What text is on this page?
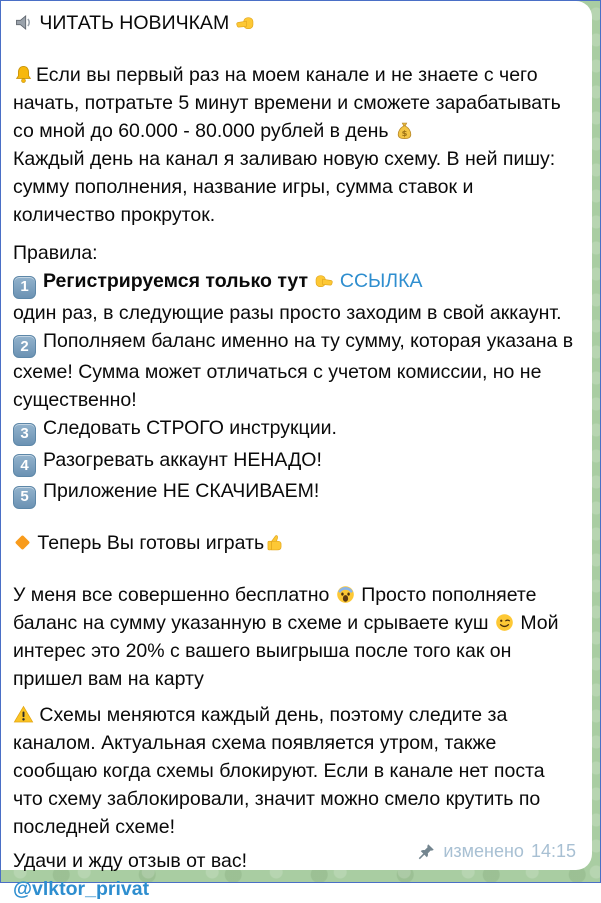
ЧИТАТЬ НОВИЧКАМ

Если вы первый раз на моем канале и не знаете с чего начать, потратьте 5 минут времени и сможете зарабатывать со мной до 60.000 - 80.000 рублей в день $

Каждый день на канал я заливаю новую схему. В ней пишу: сумму пополнения, название игры, сумма ставок и количество прокруток.

Правила:

1 Регистрируемся только тут ССЫЛКА

один раз, в следующие разы просто заходим в свой аккаунт.

2 Пополняем баланс именно на ту сумму, которая указана в схеме! Сумма может отличаться с учетом комиссии, но не существенно!

3 Следовать СТРОГО инструкции.

4 Разогревать аккаунт НЕНАДО!

5 Приложение НЕ СКАЧИВАЕМ!

Теперь Вы готовы играть

У меня все совершенно бесплатно Просто пополняете баланс на сумму указанную в схеме и срываете куш Мой интерес это 20% с вашего выигрыша после того как он пришел вам на карту

Схемы меняются каждый день, поэтому следите за каналом. Актуальная схема появляется утром, также сообщаю когда схемы блокируют. Если в канале нет поста что схему заблокировали, значит можно смело крутить по последней схеме!

Удачи и жду отзыв от вас!

@vlktor_privat

изменено 14:15
